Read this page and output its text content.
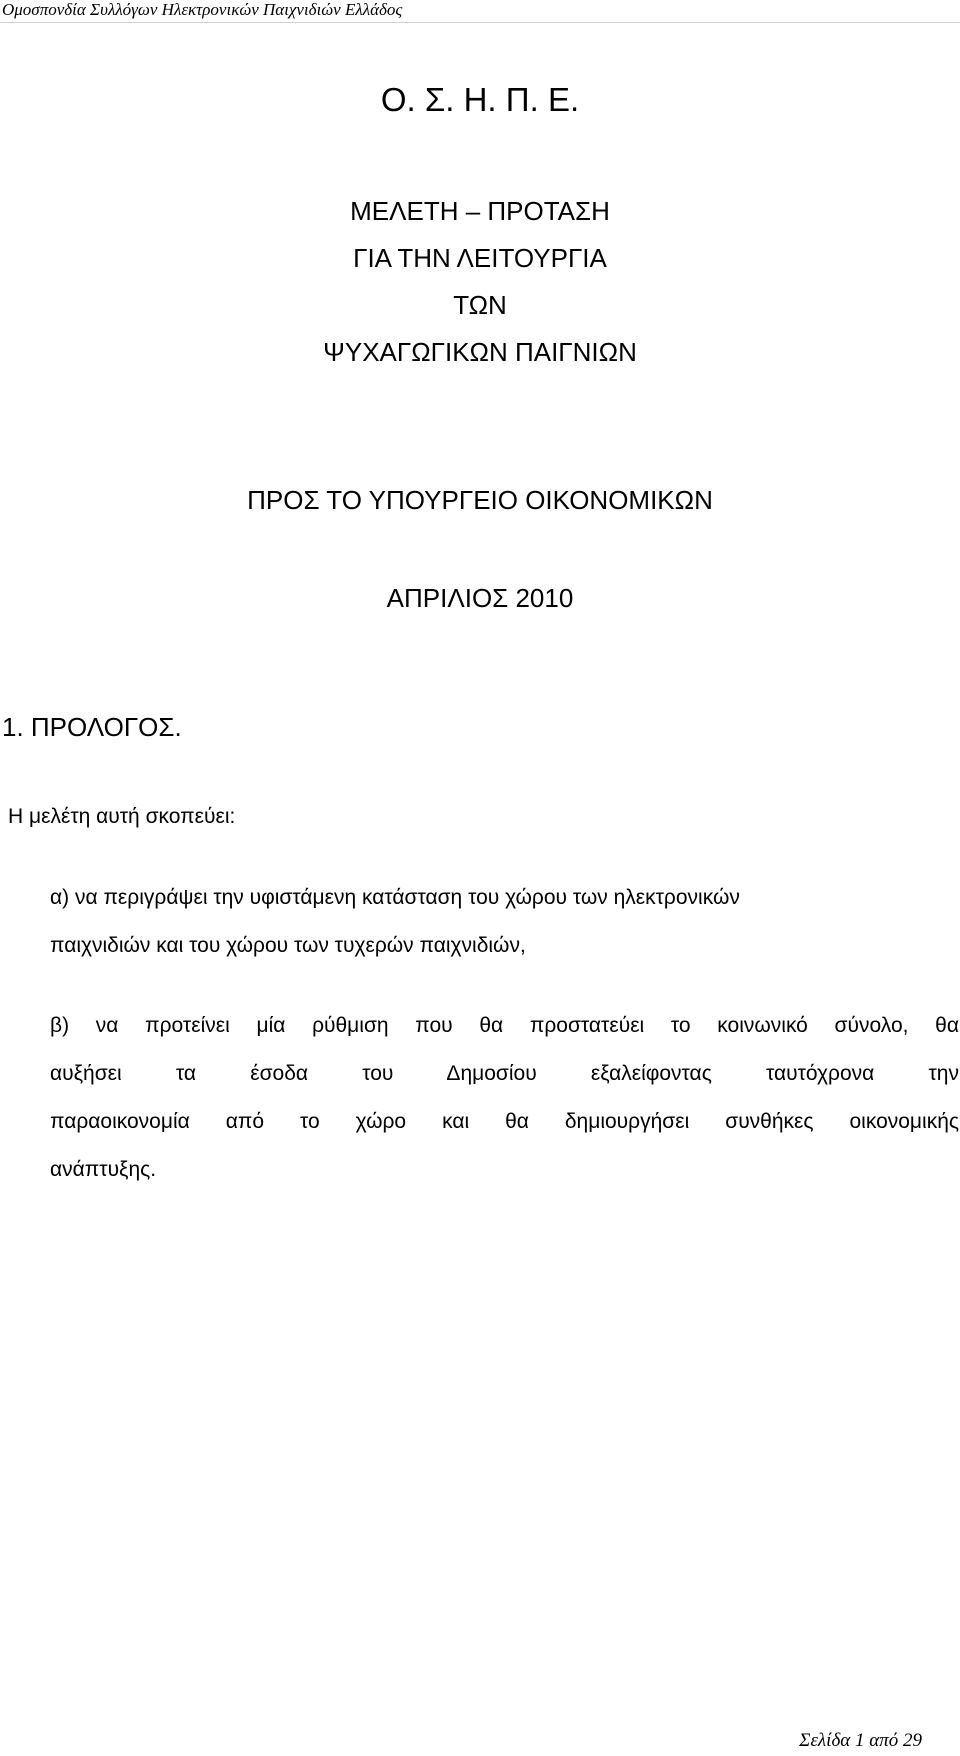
Ομοσπονδία Συλλόγων Ηλεκτρονικών Παιχνιδιών Ελλάδος
Ο. Σ. Η. Π. Ε.
ΜΕΛΕΤΗ – ΠΡΟΤΑΣΗ
ΓΙΑ ΤΗΝ ΛΕΙΤΟΥΡΓΙΑ
ΤΩΝ
ΨΥΧΑΓΩΓΙΚΩΝ ΠΑΙΓΝΙΩΝ
ΠΡΟΣ ΤΟ ΥΠΟΥΡΓΕΙΟ ΟΙΚΟΝΟΜΙΚΩΝ
ΑΠΡΙΛΙΟΣ 2010
1. ΠΡΟΛΟΓΟΣ.
Η μελέτη αυτή σκοπεύει:
α) να περιγράψει την υφιστάμενη κατάσταση του χώρου των ηλεκτρονικών
παιχνιδιών και του χώρου των τυχερών παιχνιδιών,
β) να προτείνει μία ρύθμιση που θα προστατεύει το κοινωνικό σύνολο, θα
αυξήσει τα έσοδα του Δημοσίου εξαλείφοντας ταυτόχρονα την
παραοικονομία από το χώρο και θα δημιουργήσει συνθήκες οικονομικής
ανάπτυξης.
Σελίδα 1 από 29
